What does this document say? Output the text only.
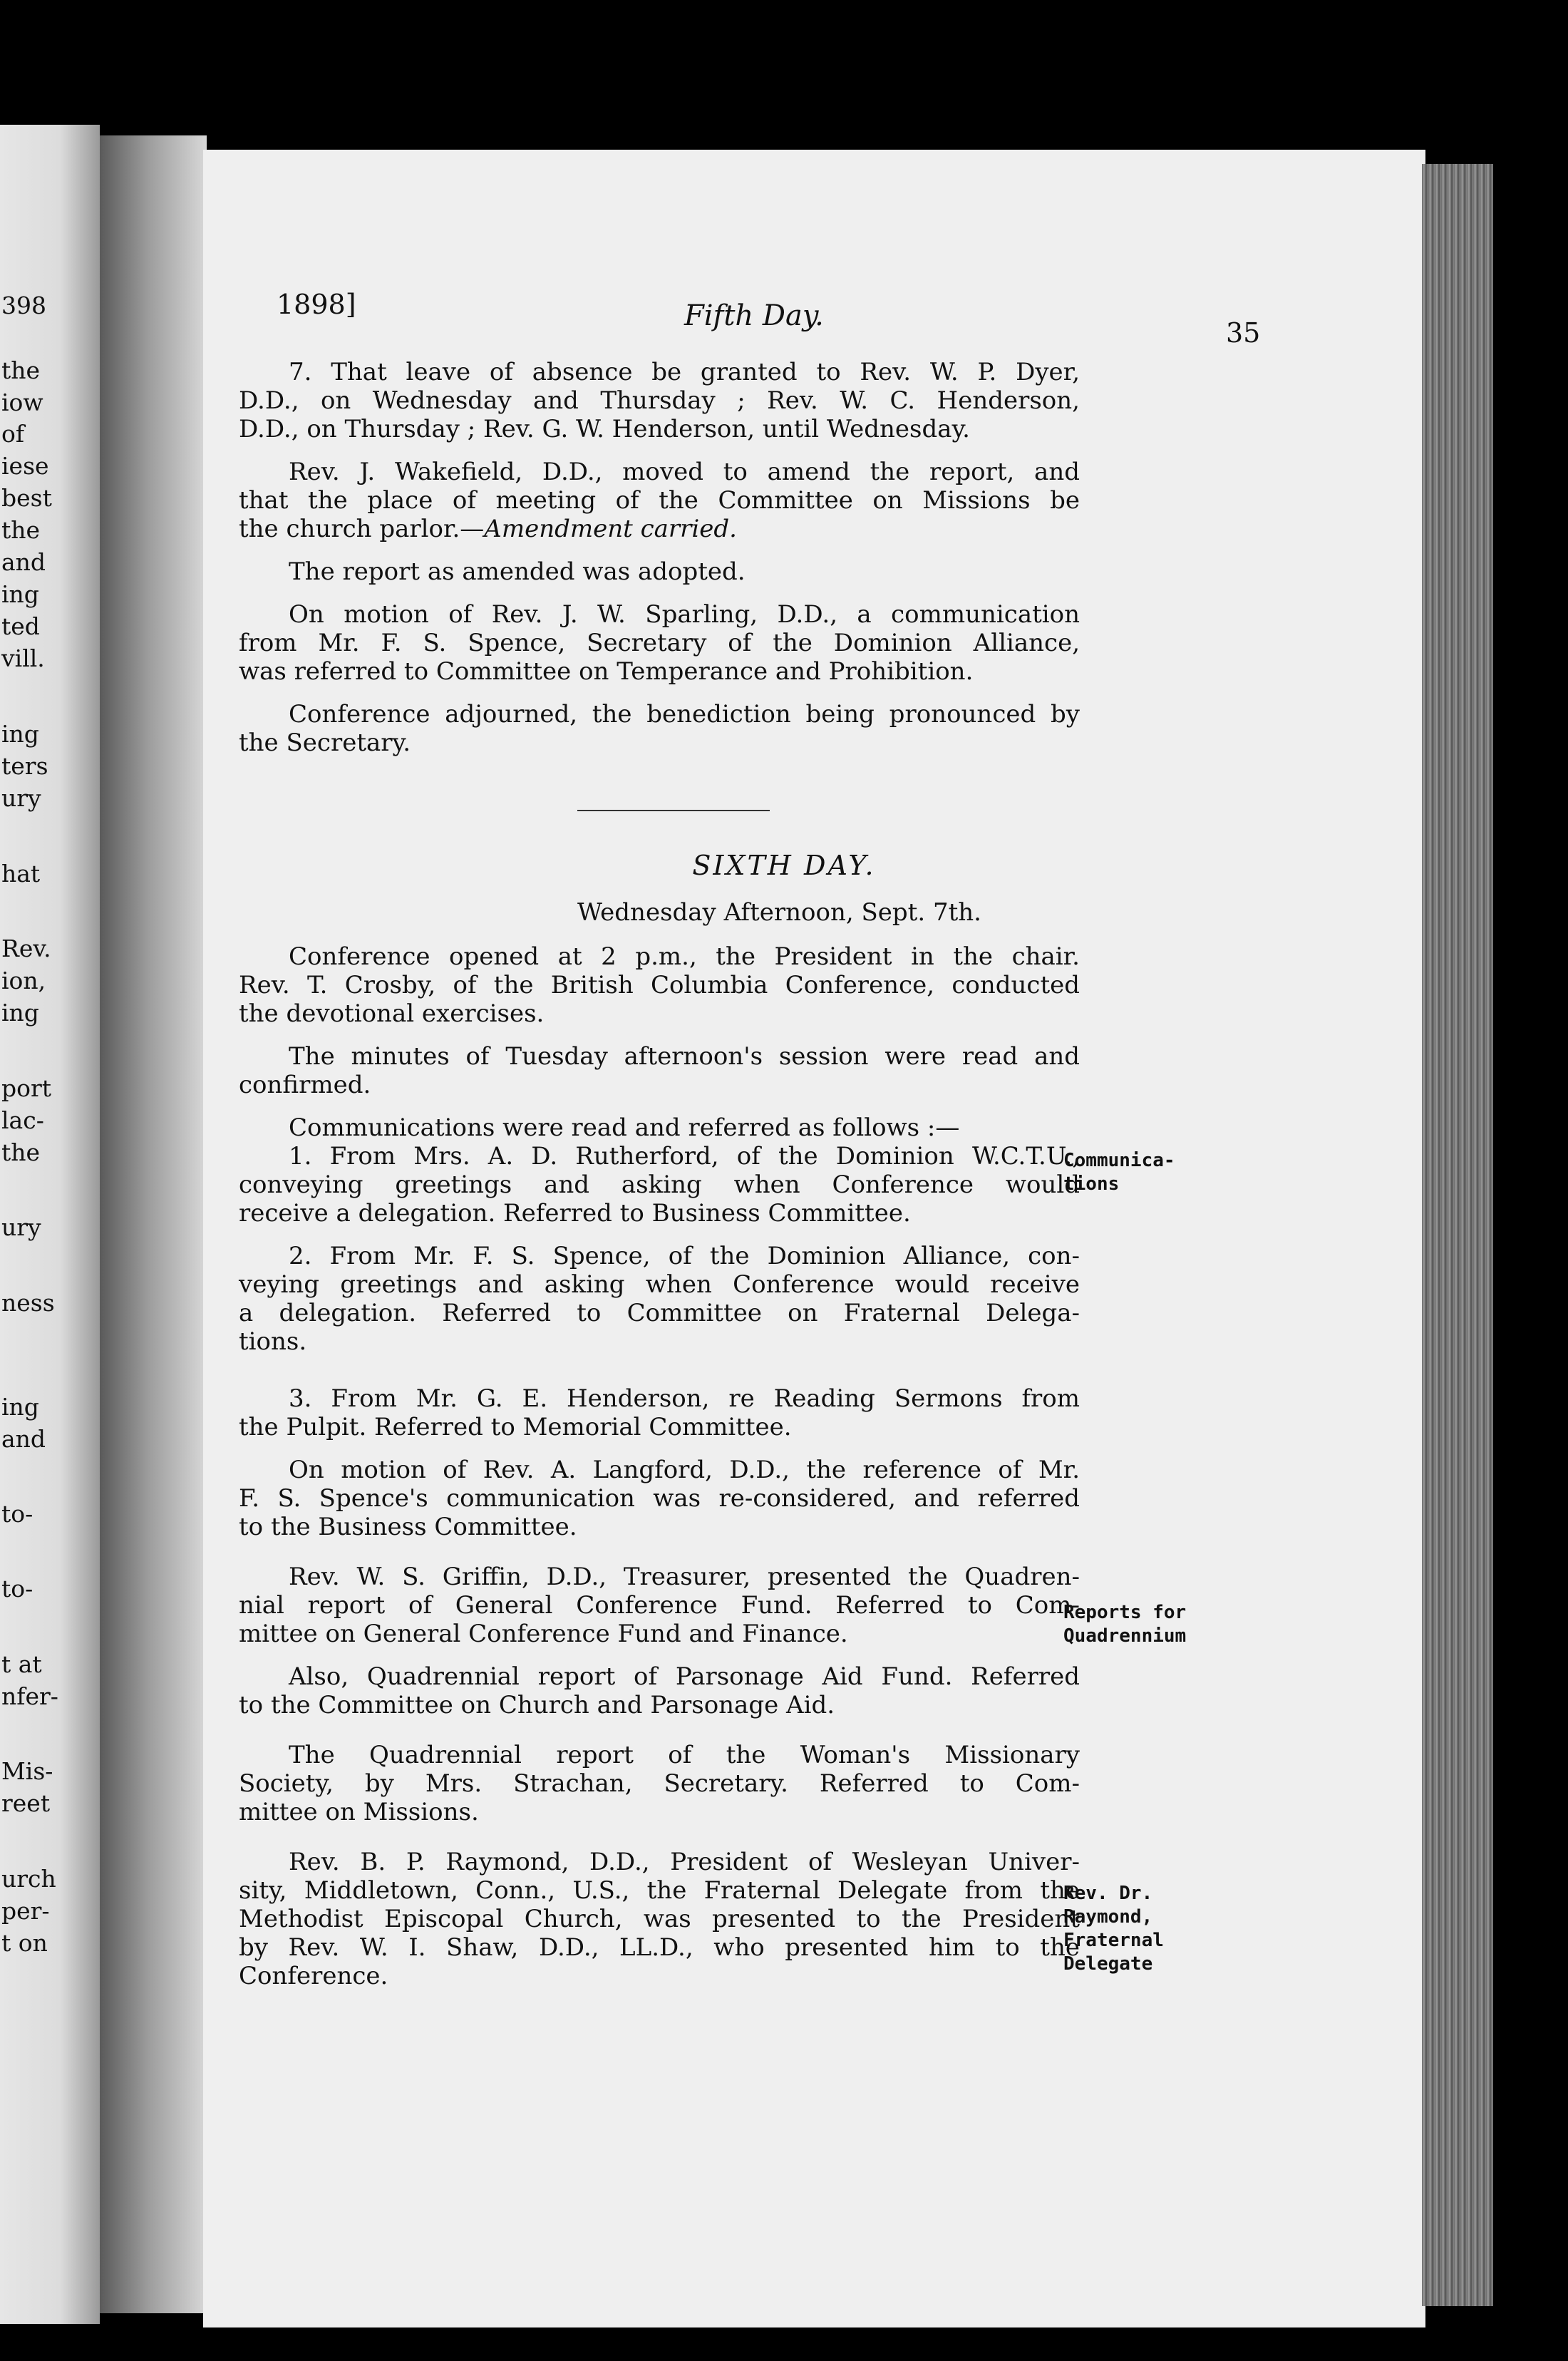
398
the
iow
of
iese
best
the
and
ing
ted
vill.
ing
ters
ury
hat
Rev.
ion,
ing
port
lac-
the
ury
ness
ing
and
to-
to-
t at
nfer-
Mis-
reet
urch
per-
t on
1898]	Fifth Day.
35
7. That leave of absence be granted to Rev. W. P. Dyer,
D.D., on Wednesday and Thursday ; Rev. W. C. Henderson,
D.D., on Thursday ; Rev. G. W. Henderson, until Wednesday.
Rev. J. Wakefield, D.D., moved to amend the report, and
that the place of meeting of the Committee on Missions be
the church parlor.—Amendment carried.
The report as amended was adopted.
On motion of Rev. J. W. Sparling, D.D., a communication
from Mr. F. S. Spence, Secretary of the Dominion Alliance,
was referred to Committee on Temperance and Prohibition.
Conference adjourned, the benediction being pronounced by
the Secretary.
Conference opened at 2 p.m., the President in the chair.
Rev. T. Crosby, of the British Columbia Conference, conducted
the devotional exercises.
The minutes of Tuesday afternoon's session were read and
confirmed.
Communications were read and referred as follows :—
1. From Mrs. A. D. Rutherford, of the Dominion W.C.T.U.,
conveying greetings and asking when Conference would
receive a delegation. Referred to Business Committee.
2. From Mr. F. S. Spence, of the Dominion Alliance, con-
veying greetings and asking when Conference would receive
a delegation. Referred to Committee on Fraternal Delega-
tions.
3. From Mr. G. E. Henderson, re Reading Sermons from
the Pulpit. Referred to Memorial Committee.
On motion of Rev. A. Langford, D.D., the reference of Mr.
F. S. Spence's communication was re-considered, and referred
to the Business Committee.
Rev. W. S. Griffin, D.D., Treasurer, presented the Quadren-
nial report of General Conference Fund. Referred to Com-
mittee on General Conference Fund and Finance.
Also, Quadrennial report of Parsonage Aid Fund. Referred
to the Committee on Church and Parsonage Aid.
The Quadrennial report of the Woman's Missionary
Society, by Mrs. Strachan, Secretary. Referred to Com-
mittee on Missions.
Rev. B. P. Raymond, D.D., President of Wesleyan Univer-
sity, Middletown, Conn., U.S., the Fraternal Delegate from the
Methodist Episcopal Church, was presented to the President
by Rev. W. I. Shaw, D.D., LL.D., who presented him to the
Conference.
SIXTH DAY.
Wednesday Afternoon, Sept. 7th.
Communica-
tions
Reports for
Quadrennium
Rev. Dr.
Raymond,
Fraternal
Delegate
